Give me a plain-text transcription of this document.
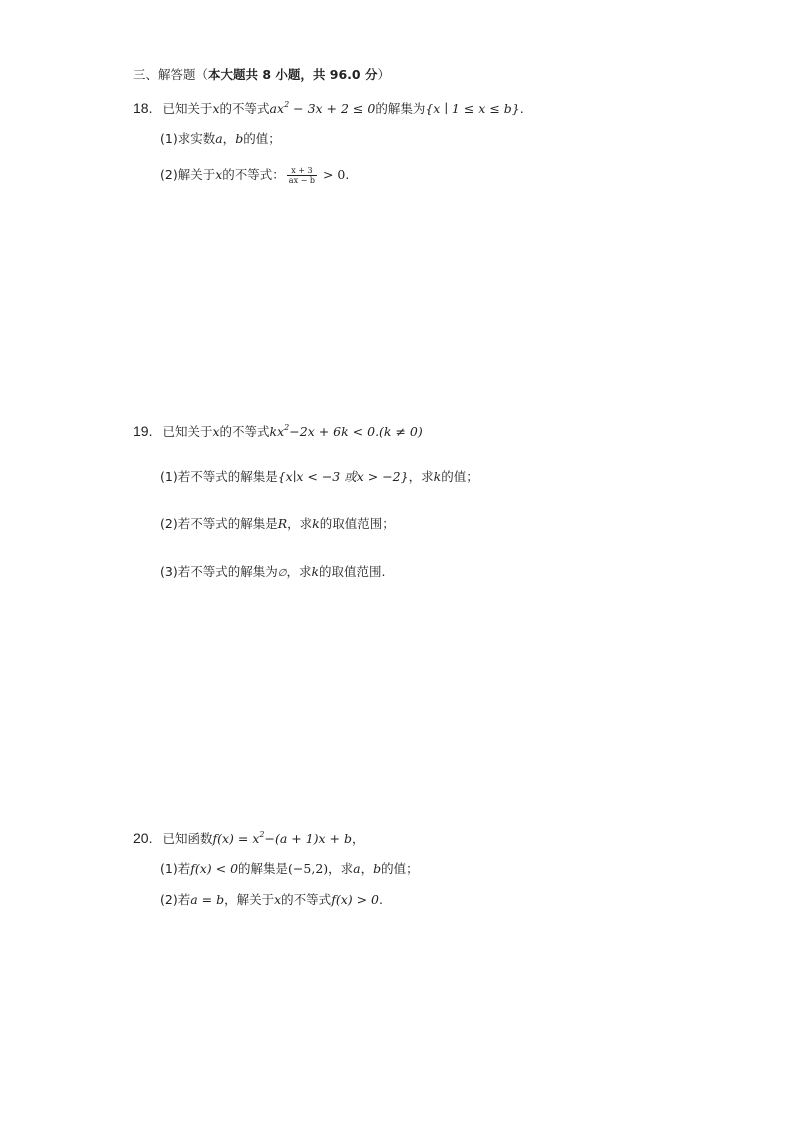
三、解答题（本大题共 8 小题，共 96.0 分）
18. 已知关于x的不等式$ax^2 - 3x + 2 \le 0$的解集为{x ∣ 1 ≤ x ≤ b}.
(1)求实数a，b的值；
(2)解关于x的不等式： $\frac{x + 3}{ax - b} > 0$.
19. 已知关于x的不等式$kx^2-2x + 6k < 0.(k \ne 0)$
(1)若不等式的解集是{x∣x < −3 或x > −2}，求k的值；
(2)若不等式的解集是R，求k的取值范围；
(3)若不等式的解集为∅，求k的取值范围.
20. 已知函数$f(x) = x^2-(a + 1)x + b$，
(1)若f(x) < 0的解集是(−5,2)，求a，b的值；
(2)若a = b，解关于x的不等式f(x) > 0.
